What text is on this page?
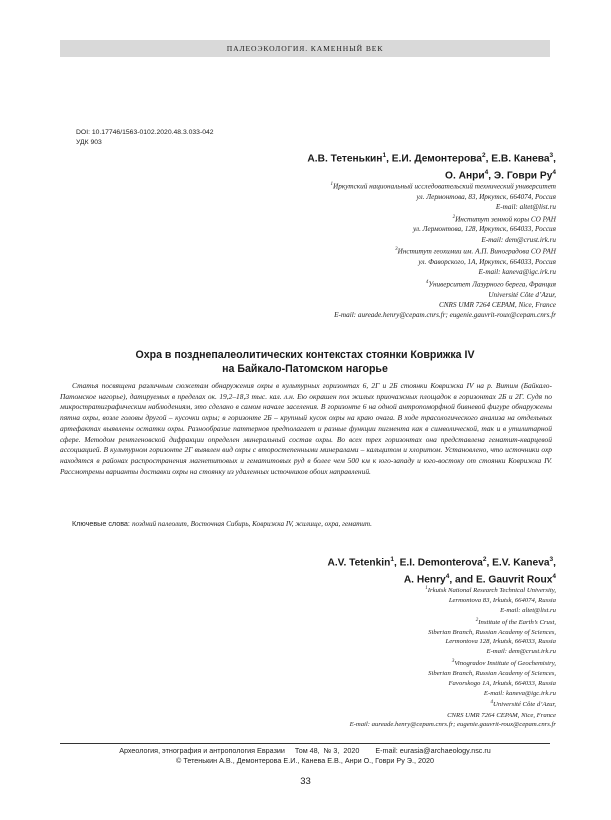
ПАЛЕОЭКОЛОГИЯ. КАМЕННЫЙ ВЕК
DOI: 10.17746/1563-0102.2020.48.3.033-042
УДК 903
А.В. Тетенькин$^1$, Е.И. Демонтерова$^2$, Е.В. Канева$^3$,
О. Анри$^4$, Э. Говри $Ру^4$
$^1$Иркутский национальный исследовательский технический университет
ул. Лермонтова, 83, Иркутск, 664074, Россия
E-mail: altet@list.ru
$^2$Институт земной коры СО РАН
ул. Лермонтова, 128, Иркутск, 664033, Россия
E-mail: dem@crust.irk.ru
$^3$Институт геохимии им. А.П. Виноградова СО РАН
ул. Фаворского, 1А, Иркутск, 664033, Россия
E-mail: kaneva@igc.irk.ru
$^4$Университет Лазурного берега, Франция
Université Côte d’Azur,
CNRS UMR 7264 CEPAM, Nice, France
E-mail: aureade.henry@cepam.cnrs.fr; eugenie.gauvrit-roux@cepam.cnrs.fr
Охра в позднепалеолитических контекстах стоянки Коврижка IV
на Байкало-Патомском нагорье
Статья посвящена различным сюжетам обнаружения охры в культурных горизонтах 6, 2Г и 2Б стоянки Коврижка IV на р. Витим (Байкало-Патомское нагорье), датируемых в пределах ок. 19,2–18,3 тыс. кал. л.н. Ею окрашен пол жилых приочажных площадок в горизонтах 2Б и 2Г. Судя по микростратиграфическим наблюдениям, это сделано в самом начале заселения. В горизонте 6 на одной антропоморфной бивневой фигуре обнаружены пятна охры, возле головы другой – кусочки охры; в горизонте 2Б – крупный кусок охры на краю очага. В ходе трасологического анализа на отдельных артефактах выявлены остатки охры. Разнообразие паттернов предполагает и разные функции пигмента как в символической, так и в утилитарной сфере. Методом рентгеновской дифракции определен минеральный состав охры. Во всех трех горизонтах она представлена гематит-кварцевой ассоциацией. В культурном горизонте 2Г выявлен вид охры с второстепенными минералами – кальцитом и хлоритом. Установлено, что источники охр находятся в районах распространения магнетитовых и гематитовых руд в более чем 500 км к юго-западу и юго-востоку от стоянки Коврижка IV. Рассмотрены варианты доставки охры на стоянку из удаленных источников обоих направлений.
Ключевые слова: поздний палеолит, Восточная Сибирь, Коврижка IV, жилище, охра, гематит.
A.V. Tetenkin$^1$, E.I. Demonterova$^2$, E.V. Kaneva$^3$,
A. Henry$^4$, and E. Gauvrit Roux$^4$
$^1$Irkutsk National Research Technical University,
Lermontova 83, Irkutsk, 664074, Russia
E-mail: altet@list.ru
$^2$Institute of the Earth’s Crust,
Siberian Branch, Russian Academy of Sciences,
Lermontova 128, Irkutsk, 664033, Russia
E-mail: dem@crust.irk.ru
$^3$Vinogradov Institute of Geochemistry,
Siberian Branch, Russian Academy of Sciences,
Favorskogo 1A, Irkutsk, 664033, Russia
E-mail: kaneva@igc.irk.ru
$^4$Université Côte d’Azur,
CNRS UMR 7264 CEPAM, Nice, France
E-mail: aureade.henry@cepam.cnrs.fr; eugenie.gauvrit-roux@cepam.cnrs.fr
Археология, этнография и антропология Евразии Том 48, № 3, 2020 E-mail: eurasia@archaeology.nsc.ru
© Тетенькин А.В., Демонтерова Е.И., Канева Е.В., Анри О., Говри Ру Э., 2020
33
